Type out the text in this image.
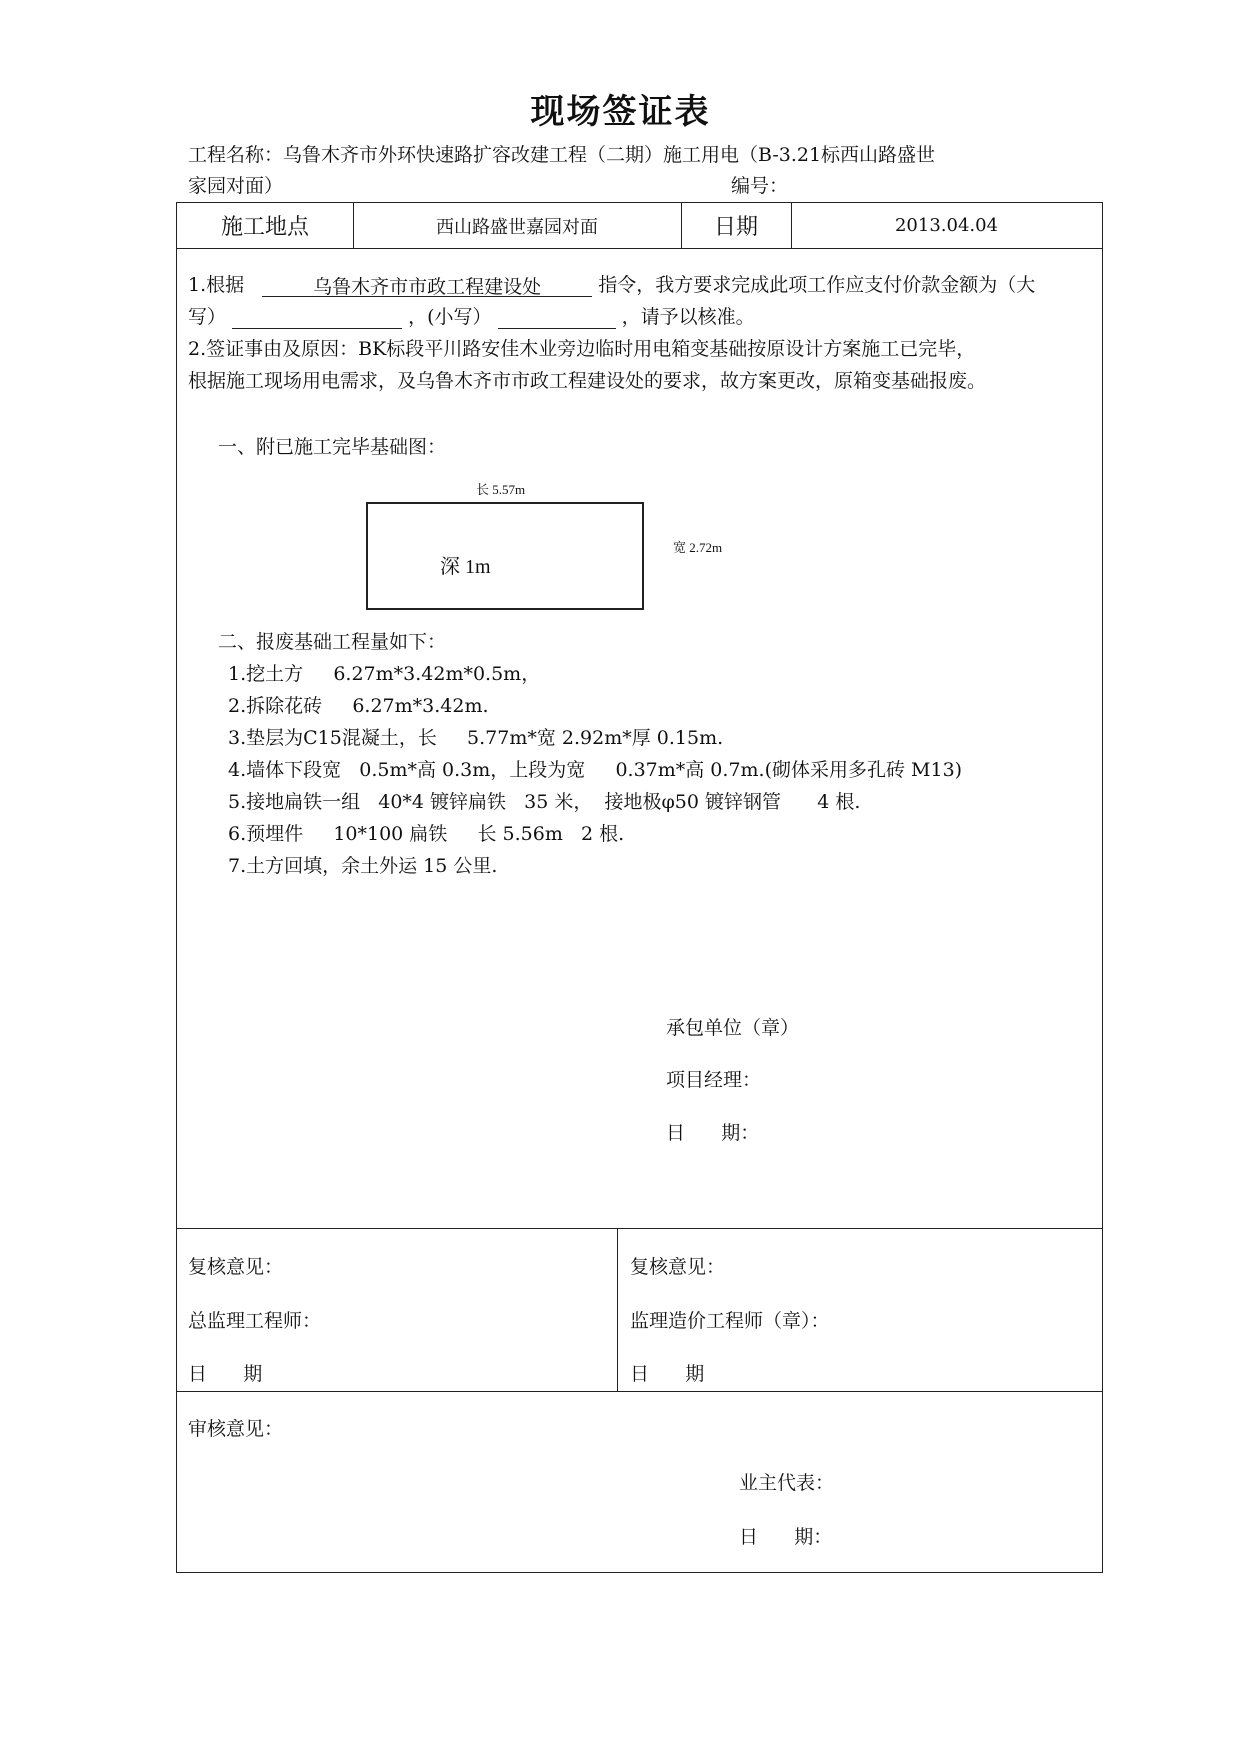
现场签证表
工程名称：乌鲁木齐市外环快速路扩容改建工程（二期）施工用电（B-3.21标西山路盛世
家园对面）	编号：
施工地点	西山路盛世嘉园对面	日期	2013.04.04
1.根据	乌鲁木齐市市政工程建设处	指令，我方要求完成此项工作应支付价款金额为（大
写）	，(小写）	，请予以核准。
2.签证事由及原因：BK标段平川路安佳木业旁边临时用电箱变基础按原设计方案施工已完毕，
根据施工现场用电需求，及乌鲁木齐市市政工程建设处的要求，故方案更改，原箱变基础报废。
一、附已施工完毕基础图：
长 5.57m
宽 2.72m
深 1m
二、报废基础工程量如下：
1.挖土方     6.27m*3.42m*0.5m，
2.拆除花砖     6.27m*3.42m.
3.垫层为C15混凝土，长     5.77m*宽 2.92m*厚 0.15m.
4.墙体下段宽   0.5m*高 0.3m，上段为宽     0.37m*高 0.7m.(砌体采用多孔砖 M13)
5.接地扁铁一组   40*4 镀锌扁铁   35 米，  接地极φ50 镀锌钢管      4 根.
6.预埋件     10*100 扁铁     长 5.56m   2 根.
7.土方回填，余土外运 15 公里.
承包单位（章）
项目经理：
日      期：
复核意见：
总监理工程师：
日      期
复核意见：
监理造价工程师（章）：
日      期
审核意见：
业主代表：
日      期：
